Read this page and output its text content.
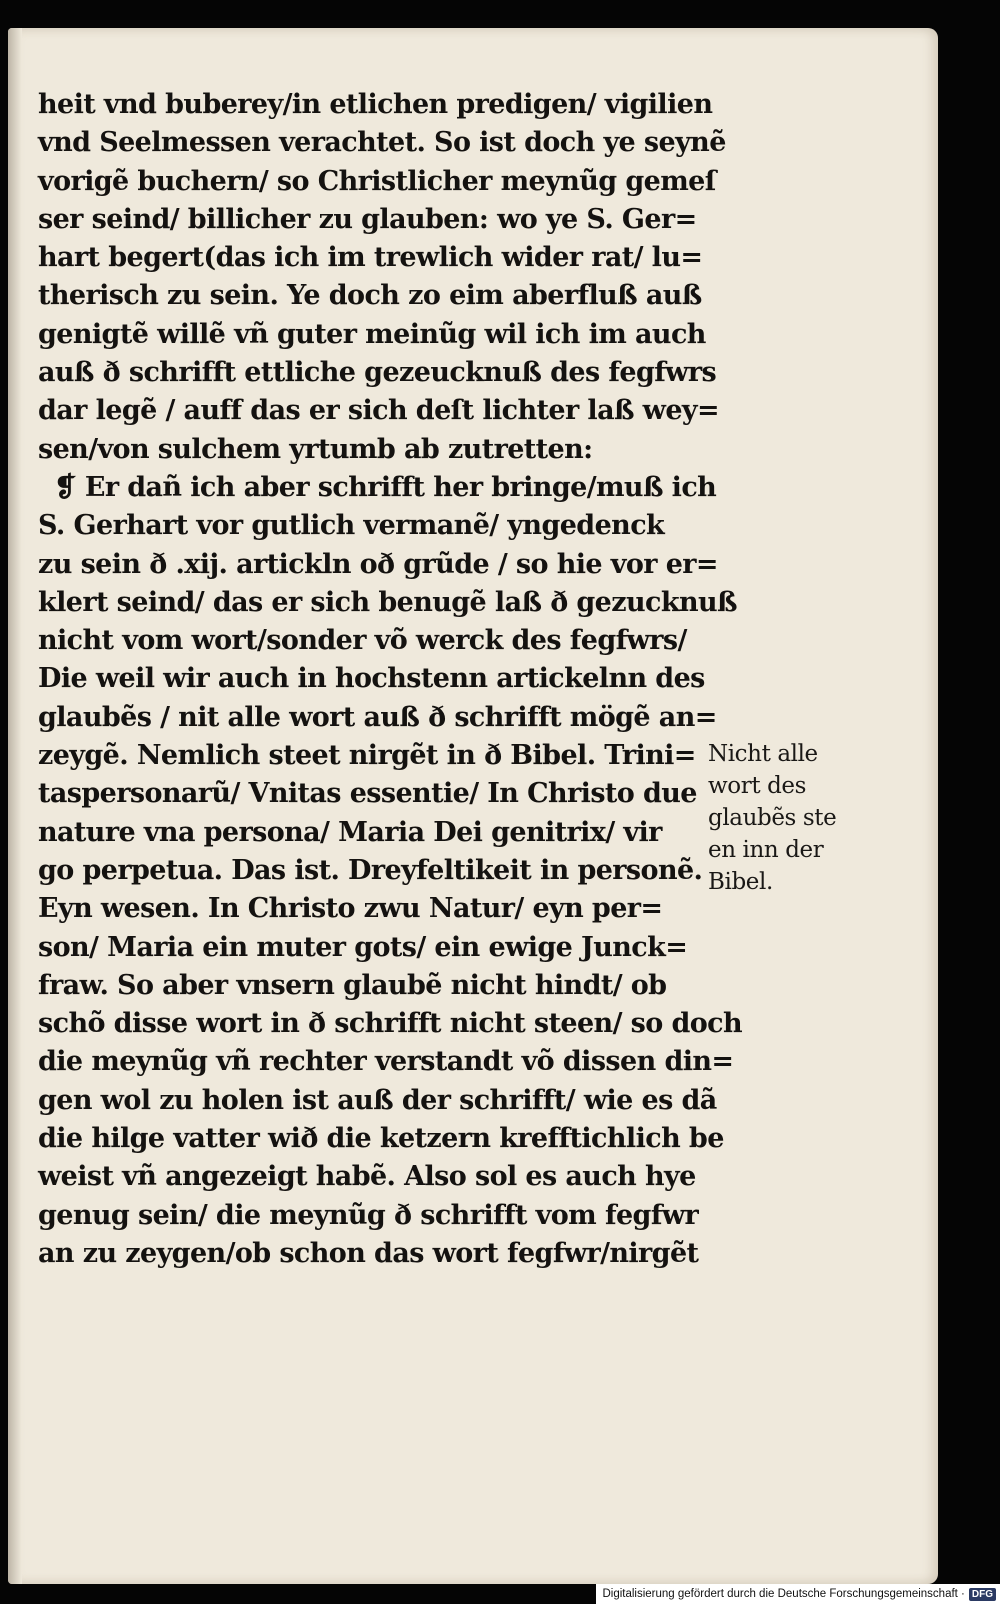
heit vnd buberey/in etlichen predigen/ vigilien
vnd Seelmessen verachtet. So ist doch ye seynẽ
vorigẽ buchern/ so Christlicher meynũg gemeſ
ser seind/ billicher zu glauben: wo ye S. Ger=
hart begert(das ich im trewlich wider rat/ lu=
therisch zu sein. Ye doch zo eim aberfluß auß
genigtẽ willẽ vñ guter meinũg wil ich im auch
auß ð schrifft ettliche gezeucknuß des fegfwrs
dar legẽ / auff das er sich deſt lichter laß wey=
sen/von sulchem yrtumb ab zutretten:
❡ Er dañ ich aber schrifft her bringe/muß ich
S. Gerhart vor gutlich vermanẽ/ yngedenck
zu sein ð .xij. artickln oð grũde / so hie vor er=
klert seind/ das er sich benugẽ laß ð gezucknuß
nicht vom wort/sonder võ werck des fegfwrs/
Die weil wir auch in hochstenn artickelnn des
glaubẽs / nit alle wort auß ð schrifft mögẽ an=
zeygẽ. Nemlich steet nirgẽt in ð Bibel. Trini=
taspersonarũ/ Vnitas essentie/ In Christo due
nature vna persona/ Maria Dei genitrix/ vir
go perpetua. Das ist. Dreyfeltikeit in personẽ.
Eyn wesen. In Christo zwu Natur/ eyn per=
son/ Maria ein muter gots/ ein ewige Junck=
fraw. So aber vnsern glaubẽ nicht hindt/ ob
schõ disse wort in ð schrifft nicht steen/ so doch
die meynũg vñ rechter verstandt võ dissen din=
gen wol zu holen ist auß der schrifft/ wie es dã
die hilge vatter wið die ketzern krefftichlich be
weist vñ angezeigt habẽ. Also sol es auch hye
genug sein/ die meynũg ð schrifft vom fegfwr
an zu zeygen/ob schon das wort fegfwr/nirgẽt
Nicht alle
wort des
glaubẽs ste
en inn der
Bibel.
Digitalisierung gefördert durch die Deutsche Forschungsgemeinschaft · DFG
